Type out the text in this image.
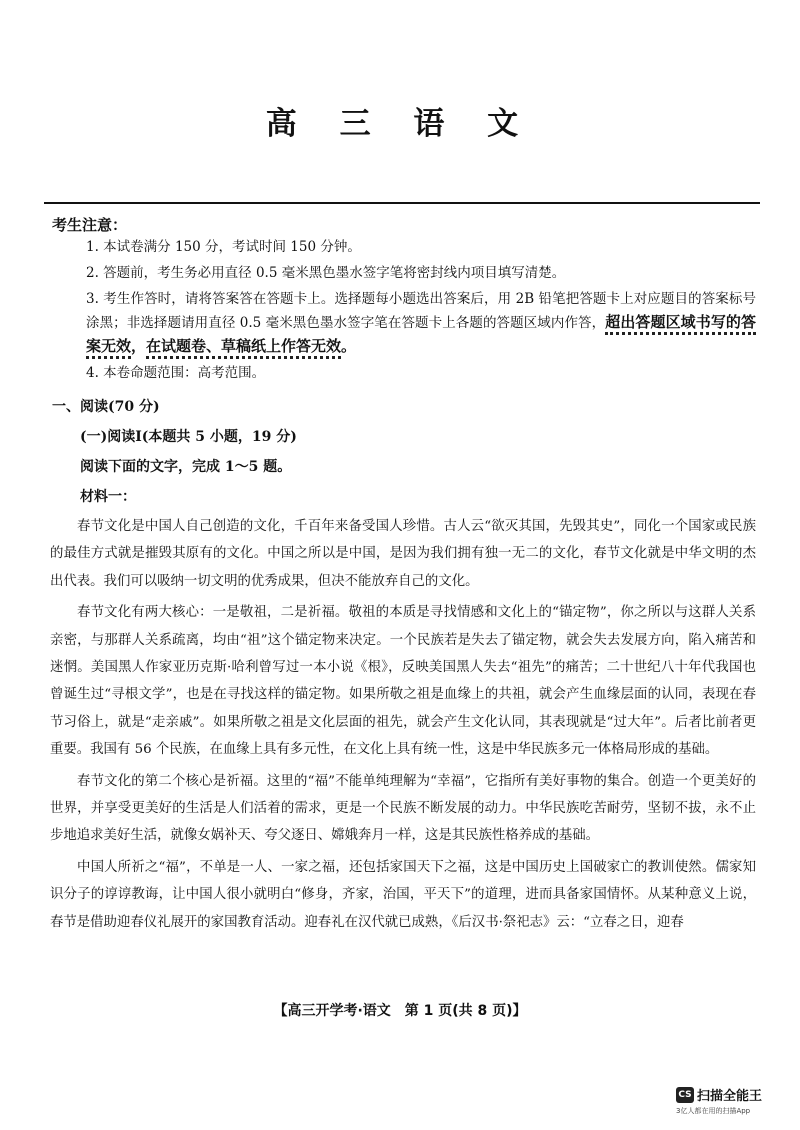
高 三 语 文
考生注意：
1. 本试卷满分 150 分，考试时间 150 分钟。
2. 答题前，考生务必用直径 0.5 毫米黑色墨水签字笔将密封线内项目填写清楚。
3. 考生作答时，请将答案答在答题卡上。选择题每小题选出答案后，用 2B 铅笔把答题卡上对应题目的答案标号涂黑；非选择题请用直径 0.5 毫米黑色墨水签字笔在答题卡上各题的答题区域内作答，超出答题区域书写的答案无效，在试题卷、草稿纸上作答无效。
4. 本卷命题范围：高考范围。
一、阅读(70 分)
(一)阅读Ⅰ(本题共 5 小题，19 分)
阅读下面的文字，完成 1～5 题。
材料一：

春节文化是中国人自己创造的文化，千百年来备受国人珍惜。古人云“欲灭其国，先毁其史”，同化一个国家或民族的最佳方式就是摧毁其原有的文化。中国之所以是中国，是因为我们拥有独一无二的文化，春节文化就是中华文明的杰出代表。我们可以吸纳一切文明的优秀成果，但决不能放弃自己的文化。

春节文化有两大核心：一是敬祖，二是祈福。敬祖的本质是寻找情感和文化上的“锚定物”，你之所以与这群人关系亲密，与那群人关系疏离，均由“祖”这个锚定物来决定。一个民族若是失去了锚定物，就会失去发展方向，陷入痛苦和迷惘。美国黑人作家亚历克斯·哈利曾写过一本小说《根》，反映美国黑人失去“祖先”的痛苦；二十世纪八十年代我国也曾诞生过“寻根文学”，也是在寻找这样的锚定物。如果所敬之祖是血缘上的共祖，就会产生血缘层面的认同，表现在春节习俗上，就是“走亲戚”。如果所敬之祖是文化层面的祖先，就会产生文化认同，其表现就是“过大年”。后者比前者更重要。我国有 56 个民族，在血缘上具有多元性，在文化上具有统一性，这是中华民族多元一体格局形成的基础。

春节文化的第二个核心是祈福。这里的“福”不能单纯理解为“幸福”，它指所有美好事物的集合。创造一个更美好的世界，并享受更美好的生活是人们活着的需求，更是一个民族不断发展的动力。中华民族吃苦耐劳，坚韧不拔，永不止步地追求美好生活，就像女娲补天、夸父逐日、嫦娥奔月一样，这是其民族性格养成的基础。

中国人所祈之“福”，不单是一人、一家之福，还包括家国天下之福，这是中国历史上国破家亡的教训使然。儒家知识分子的谆谆教诲，让中国人很小就明白“修身，齐家，治国，平天下”的道理，进而具备家国情怀。从某种意义上说，春节是借助迎春仪礼展开的家国教育活动。迎春礼在汉代就已成熟，《后汉书·祭祀志》云：“立春之日，迎春

【高三开学考·语文　第 1 页(共 8 页)】
CS 扫描全能王
3亿人都在用的扫描App
